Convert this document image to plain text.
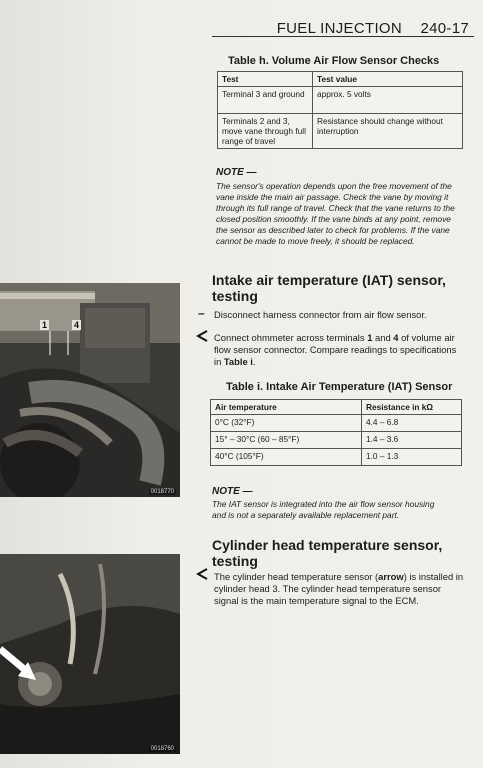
FUEL INJECTION 240-17
Table h. Volume Air Flow Sensor Checks
Test	Test value
Terminal 3 and ground	approx. 5 volts
Terminals 2 and 3, move vane through full range of travel	Resistance should change without interruption
NOTE —
The sensor's operation depends upon the free movement of the vane inside the main air passage. Check the vane by moving it through its full range of travel. Check that the vane returns to the closed position smoothly. If the vane binds at any point, remove the sensor as described later to check for problems. If the vane cannot be made to move freely, it should be replaced.
1	4
0018770
Intake air temperature (IAT) sensor, testing
– Disconnect harness connector from air flow sensor.
Connect ohmmeter across terminals 1 and 4 of volume air flow sensor connector. Compare readings to specifications in Table i.
Table i. Intake Air Temperature (IAT) Sensor
Air temperature	Resistance in kΩ
0°C (32°F)	4.4 – 6.8
15° – 30°C (60 – 85°F)	1.4 – 3.6
40°C (105°F)	1.0 – 1.3
NOTE —
The IAT sensor is integrated into the air flow sensor housing and is not a separately available replacement part.
Cylinder head temperature sensor, testing
The cylinder head temperature sensor (arrow) is installed in cylinder head 3. The cylinder head temperature sensor signal is the main temperature signal to the ECM.
0018760
